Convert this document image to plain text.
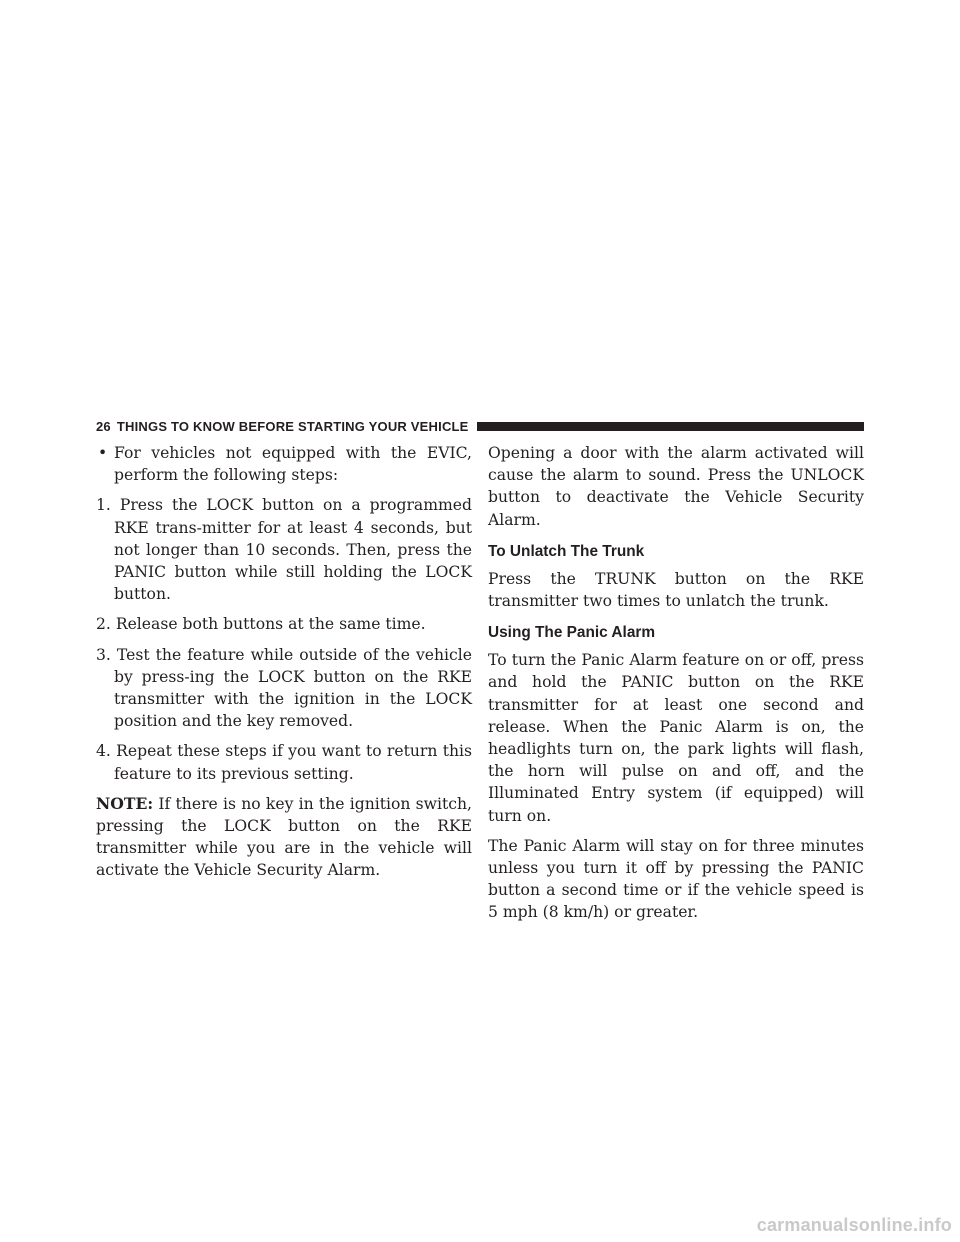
26 THINGS TO KNOW BEFORE STARTING YOUR VEHICLE
• For vehicles not equipped with the EVIC, perform the following steps:
1. Press the LOCK button on a programmed RKE trans-mitter for at least 4 seconds, but not longer than 10 seconds. Then, press the PANIC button while still holding the LOCK button.
2. Release both buttons at the same time.
3. Test the feature while outside of the vehicle by press-ing the LOCK button on the RKE transmitter with the ignition in the LOCK position and the key removed.
4. Repeat these steps if you want to return this feature to its previous setting.

NOTE: If there is no key in the ignition switch, pressing the LOCK button on the RKE transmitter while you are in the vehicle will activate the Vehicle Security Alarm.

Opening a door with the alarm activated will cause the alarm to sound. Press the UNLOCK button to deactivate the Vehicle Security Alarm.

To Unlatch The Trunk

Press the TRUNK button on the RKE transmitter two times to unlatch the trunk.

Using The Panic Alarm

To turn the Panic Alarm feature on or off, press and hold the PANIC button on the RKE transmitter for at least one second and release. When the Panic Alarm is on, the headlights turn on, the park lights will flash, the horn will pulse on and off, and the Illuminated Entry system (if equipped) will turn on.

The Panic Alarm will stay on for three minutes unless you turn it off by pressing the PANIC button a second time or if the vehicle speed is 5 mph (8 km/h) or greater.

carmanualsonline.info
